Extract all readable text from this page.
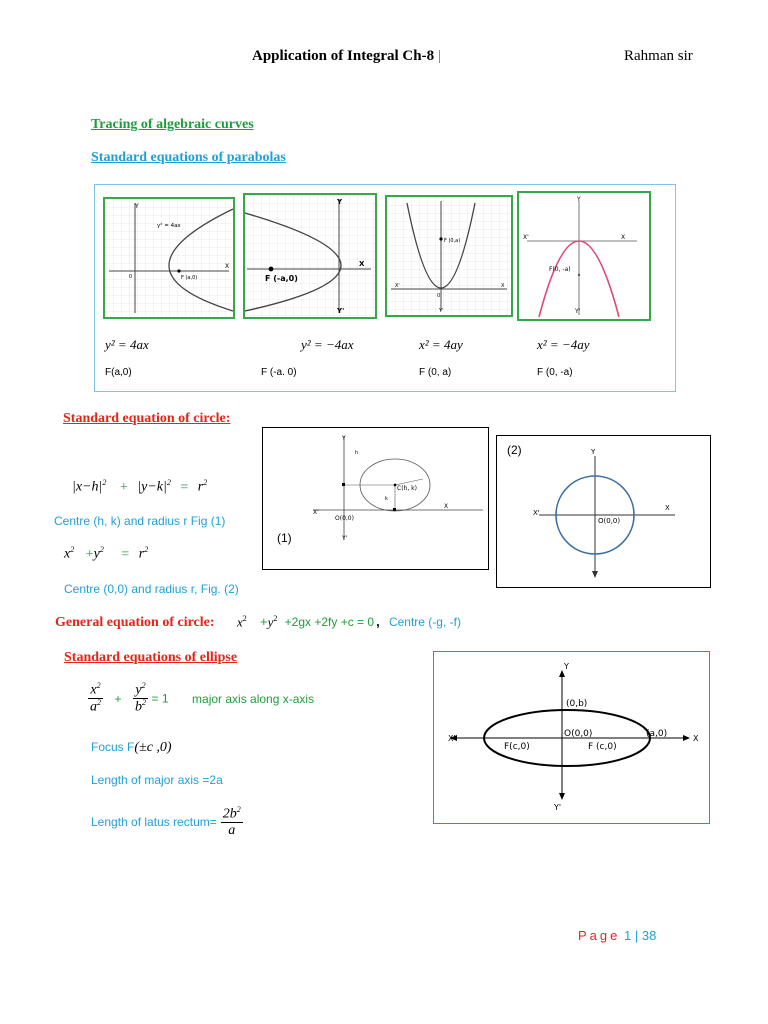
Application of Integral Ch-8 |	Rahman sir
Tracing of algebraic curves
Standard equations of parabolas
Y
X
0
y² = 4ax
F (a,0)
Y
X
Y'
F (-a,0)
F (0,a)
X'	X
0
Y'
Y
X
X'
F(0, -a)
Y'
y² = 4ax	y² = −4ax	x² = 4ay	x² = −4ay
F(a,0)	F (-a. 0)	F (0, a)	F (0, -a)
Standard equation of circle:
$|x-h|^2 + |y-k|^2 = r^2$
Centre (h, k) and radius r Fig (1)
$x^2 +y^2 = r^2$
Centre (0,0) and radius r, Fig. (2)
Y
X
X'
Y'
O(0,0)
C(h, k)
h
k
(1)
Y
X
X'
O(0,0)
(2)
General equation of circle: $x^2 +y^2 +2gx +2fy +c = 0$ , Centre (-g, -f)
Standard equations of ellipse
$\frac{x^2}{a^2} + \frac{y^2}{b^2} = 1$ major axis along x-axis
Focus F(±c ,0)
Length of major axis =2a
Length of latus rectum= $\frac{2b^2}{a}$
Y
X'	X
Y'
(0,b)
O(0,0)	(a,0)
F(c,0)	F (c,0)
Page 1 | 38
